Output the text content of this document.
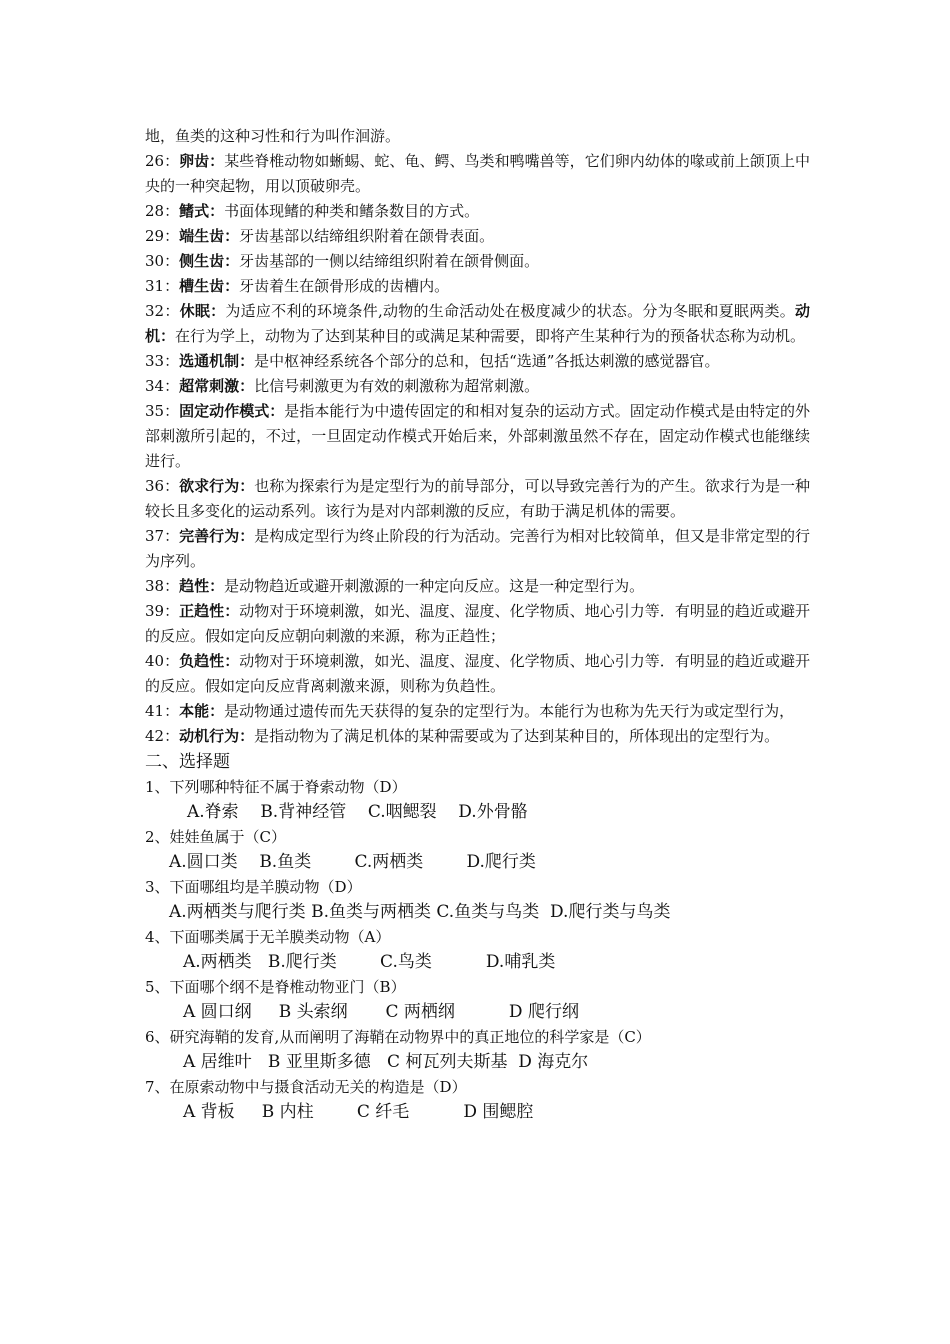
地，鱼类的这种习性和行为叫作洄游。

26：卵齿：某些脊椎动物如蜥蜴、蛇、龟、鳄、鸟类和鸭嘴兽等，它们卵内幼体的喙或前上颌顶上中央的一种突起物，用以顶破卵壳。

28：鳍式：书面体现鳍的种类和鳍条数目的方式。

29：端生齿：牙齿基部以结缔组织附着在颌骨表面。

30：侧生齿：牙齿基部的一侧以结缔组织附着在颌骨侧面。

31：槽生齿：牙齿着生在颌骨形成的齿槽内。

32：休眠：为适应不利的环境条件,动物的生命活动处在极度减少的状态。分为冬眠和夏眠两类。动机：在行为学上，动物为了达到某种目的或满足某种需要，即将产生某种行为的预备状态称为动机。

33：选通机制：是中枢神经系统各个部分的总和，包括“选通”各抵达刺激的感觉器官。

34：超常刺激：比信号刺激更为有效的刺激称为超常刺激。

35：固定动作模式：是指本能行为中遗传固定的和相对复杂的运动方式。固定动作模式是由特定的外部刺激所引起的，不过，一旦固定动作模式开始后来，外部刺激虽然不存在，固定动作模式也能继续进行。

36：欲求行为：也称为探索行为是定型行为的前导部分，可以导致完善行为的产生。欲求行为是一种较长且多变化的运动系列。该行为是对内部刺激的反应，有助于满足机体的需要。

37：完善行为：是构成定型行为终止阶段的行为活动。完善行为相对比较简单，但又是非常定型的行为序列。

38：趋性：是动物趋近或避开刺激源的一种定向反应。这是一种定型行为。

39：正趋性：动物对于环境刺激，如光、温度、湿度、化学物质、地心引力等．有明显的趋近或避开的反应。假如定向反应朝向刺激的来源，称为正趋性；

40：负趋性：动物对于环境刺激，如光、温度、湿度、化学物质、地心引力等．有明显的趋近或避开的反应。假如定向反应背离刺激来源，则称为负趋性。

41：本能：是动物通过遗传而先天获得的复杂的定型行为。本能行为也称为先天行为或定型行为，

42：动机行为：是指动物为了满足机体的某种需要或为了达到某种目的，所体现出的定型行为。

二、选择题

1、下列哪种特征不属于脊索动物（D）

A.脊索 B.背神经管 C.咽鳃裂 D.外骨骼

2、娃娃鱼属于（C）

A.圆口类 B.鱼类	C.两栖类	D.爬行类

3、下面哪组均是羊膜动物（D）

A.两栖类与爬行类 B.鱼类与两栖类 C.鱼类与鸟类 D.爬行类与鸟类

4、下面哪类属于无羊膜类动物（A）

A.两栖类 B.爬行类	C.鸟类	D.哺乳类

5、下面哪个纲不是脊椎动物亚门（B）

A 圆口纲 B 头索纲 C 两栖纲	D 爬行纲

6、研究海鞘的发育,从而阐明了海鞘在动物界中的真正地位的科学家是（C）

A 居维叶 B 亚里斯多德 C 柯瓦列夫斯基 D 海克尔

7、在原索动物中与摄食活动无关的构造是（D）

A 背板 B 内柱	C 纤毛	D 围鳃腔
